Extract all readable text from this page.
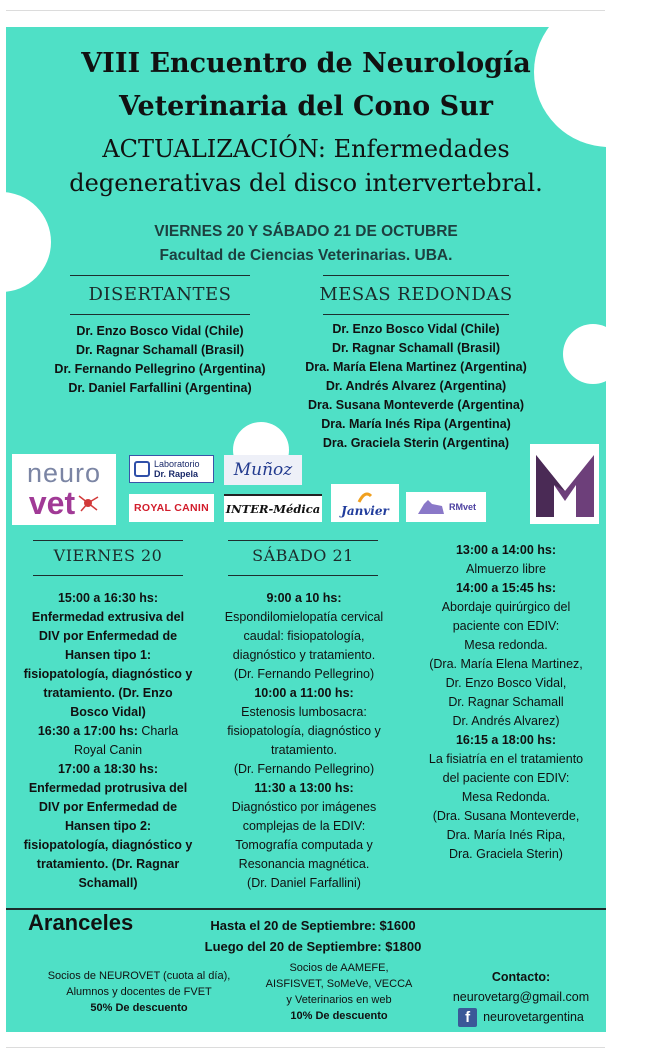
VIII Encuentro de Neurología
Veterinaria del Cono Sur
ACTUALIZACIÓN: Enfermedades
degenerativas del disco intervertebral.
VIERNES 20 Y SÁBADO 21 DE OCTUBRE
Facultad de Ciencias Veterinarias. UBA.
DISERTANTES
Dr. Enzo Bosco Vidal (Chile)
Dr. Ragnar Schamall (Brasil)
Dr. Fernando Pellegrino (Argentina)
Dr. Daniel Farfallini (Argentina)
MESAS REDONDAS
Dr. Enzo Bosco Vidal (Chile)
Dr. Ragnar Schamall (Brasil)
Dra. María Elena Martinez (Argentina)
Dr. Andrés Alvarez (Argentina)
Dra. Susana Monteverde (Argentina)
Dra. María Inés Ripa (Argentina)
Dra. Graciela Sterin (Argentina)
neuro
vet
Laboratorio
Dr. Rapela Muñoz
ROYAL CANIN INTER-Médica Janvier	RMvet
VIERNES 20
15:00 a 16:30 hs:
Enfermedad extrusiva del
DIV por Enfermedad de
Hansen tipo 1:
fisiopatología, diagnóstico y
tratamiento. (Dr. Enzo
Bosco Vidal)
16:30 a 17:00 hs: Charla
Royal Canin
17:00 a 18:30 hs:
Enfermedad protrusiva del
DIV por Enfermedad de
Hansen tipo 2:
fisiopatología, diagnóstico y
tratamiento. (Dr. Ragnar
Schamall)
SÁBADO 21
9:00 a 10 hs:
Espondilomielopatía cervical
caudal: fisiopatología,
diagnóstico y tratamiento.
(Dr. Fernando Pellegrino)
10:00 a 11:00 hs:
Estenosis lumbosacra:
fisiopatología, diagnóstico y
tratamiento.
(Dr. Fernando Pellegrino)
11:30 a 13:00 hs:
Diagnóstico por imágenes
complejas de la EDIV:
Tomografía computada y
Resonancia magnética.
(Dr. Daniel Farfallini)
13:00 a 14:00 hs:
Almuerzo libre
14:00 a 15:45 hs:
Abordaje quirúrgico del
paciente con EDIV:
Mesa redonda.
(Dra. María Elena Martinez,
Dr. Enzo Bosco Vidal,
Dr. Ragnar Schamall
Dr. Andrés Alvarez)
16:15 a 18:00 hs:
La fisiatría en el tratamiento
del paciente con EDIV:
Mesa Redonda.
(Dra. Susana Monteverde,
Dra. María Inés Ripa,
Dra. Graciela Sterin)
Aranceles	Hasta el 20 de Septiembre: $1600
Luego del 20 de Septiembre: $1800
Socios de NEUROVET (cuota al día),
Alumnos y docentes de FVET
50% De descuento
Socios de AAMEFE,
AISFISVET, SoMeVe, VECCA
y Veterinarios en web
10% De descuento
Contacto:
neurovetarg@gmail.com
f	neurovetargentina
